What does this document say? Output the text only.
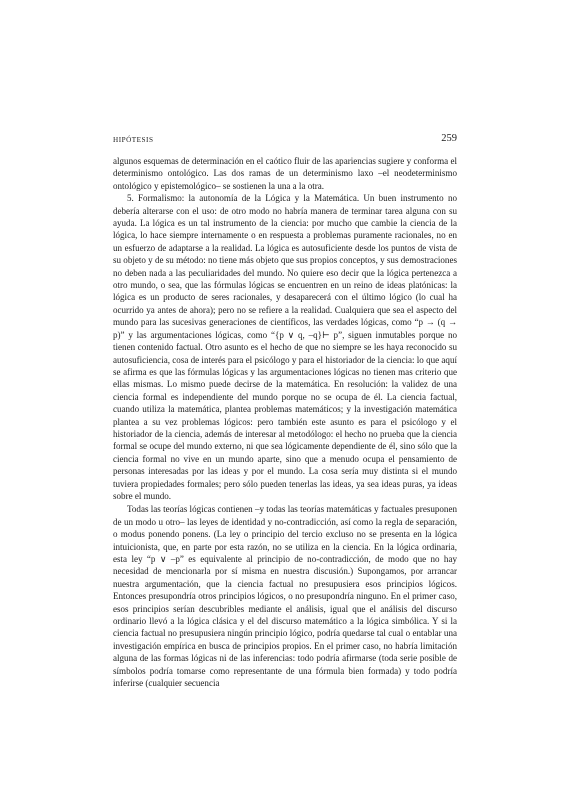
HIPÓTESIS	259

algunos esquemas de determinación en el caótico fluir de las apariencias sugiere y conforma el determinismo ontológico. Las dos ramas de un determinismo laxo –el neodeterminismo ontológico y epistemológico– se sostienen la una a la otra.

5. Formalismo: la autonomía de la Lógica y la Matemática. Un buen instrumento no debería alterarse con el uso: de otro modo no habría manera de terminar tarea alguna con su ayuda. La lógica es un tal instrumento de la ciencia: por mucho que cambie la ciencia de la lógica, lo hace siempre internamente o en respuesta a problemas puramente racionales, no en un esfuerzo de adaptarse a la realidad. La lógica es autosuficiente desde los puntos de vista de su objeto y de su método: no tiene más objeto que sus propios conceptos, y sus demostraciones no deben nada a las peculiaridades del mundo. No quiere eso decir que la lógica pertenezca a otro mundo, o sea, que las fórmulas lógicas se encuentren en un reino de ideas platónicas: la lógica es un producto de seres racionales, y desaparecerá con el último lógico (lo cual ha ocurrido ya antes de ahora); pero no se refiere a la realidad. Cualquiera que sea el aspecto del mundo para las sucesivas generaciones de científicos, las verdades lógicas, como “p → (q → p)” y las argumentaciones lógicas, como “{p ∨ q, –q}⊢ p”, siguen inmutables porque no tienen contenido factual. Otro asunto es el hecho de que no siempre se les haya reconocido su autosuficiencia, cosa de interés para el psicólogo y para el historiador de la ciencia: lo que aquí se afirma es que las fórmulas lógicas y las argumentaciones lógicas no tienen mas criterio que ellas mismas. Lo mismo puede decirse de la matemática. En resolución: la validez de una ciencia formal es independiente del mundo porque no se ocupa de él. La ciencia factual, cuando utiliza la matemática, plantea problemas matemáticos; y la investigación matemática plantea a su vez problemas lógicos: pero también este asunto es para el psicólogo y el historiador de la ciencia, además de interesar al metodólogo: el hecho no prueba que la ciencia formal se ocupe del mundo externo, ni que sea lógicamente dependiente de él, sino sólo que la ciencia formal no vive en un mundo aparte, sino que a menudo ocupa el pensamiento de personas interesadas por las ideas y por el mundo. La cosa sería muy distinta si el mundo tuviera propiedades formales; pero sólo pueden tenerlas las ideas, ya sea ideas puras, ya ideas sobre el mundo.

Todas las teorías lógicas contienen –y todas las teorías matemáticas y factuales presuponen de un modo u otro– las leyes de identidad y no-contradicción, así como la regla de separación, o modus ponendo ponens. (La ley o principio del tercio excluso no se presenta en la lógica intuicionista, que, en parte por esta razón, no se utiliza en la ciencia. En la lógica ordinaria, esta ley “p ∨ –p” es equivalente al principio de no-contradicción, de modo que no hay necesidad de mencionarla por sí misma en nuestra discusión.) Supongamos, por arrancar nuestra argumentación, que la ciencia factual no presupusiera esos principios lógicos. Entonces presupondría otros principios lógicos, o no presupondría ninguno. En el primer caso, esos principios serían descubribles mediante el análisis, igual que el análisis del discurso ordinario llevó a la lógica clásica y el del discurso matemático a la lógica simbólica. Y si la ciencia factual no presupusiera ningún principio lógico, podría quedarse tal cual o entablar una investigación empírica en busca de principios propios. En el primer caso, no habría limitación alguna de las formas lógicas ni de las inferencias: todo podría afirmarse (toda serie posible de símbolos podría tomarse como representante de una fórmula bien formada) y todo podría inferirse (cualquier secuencia
